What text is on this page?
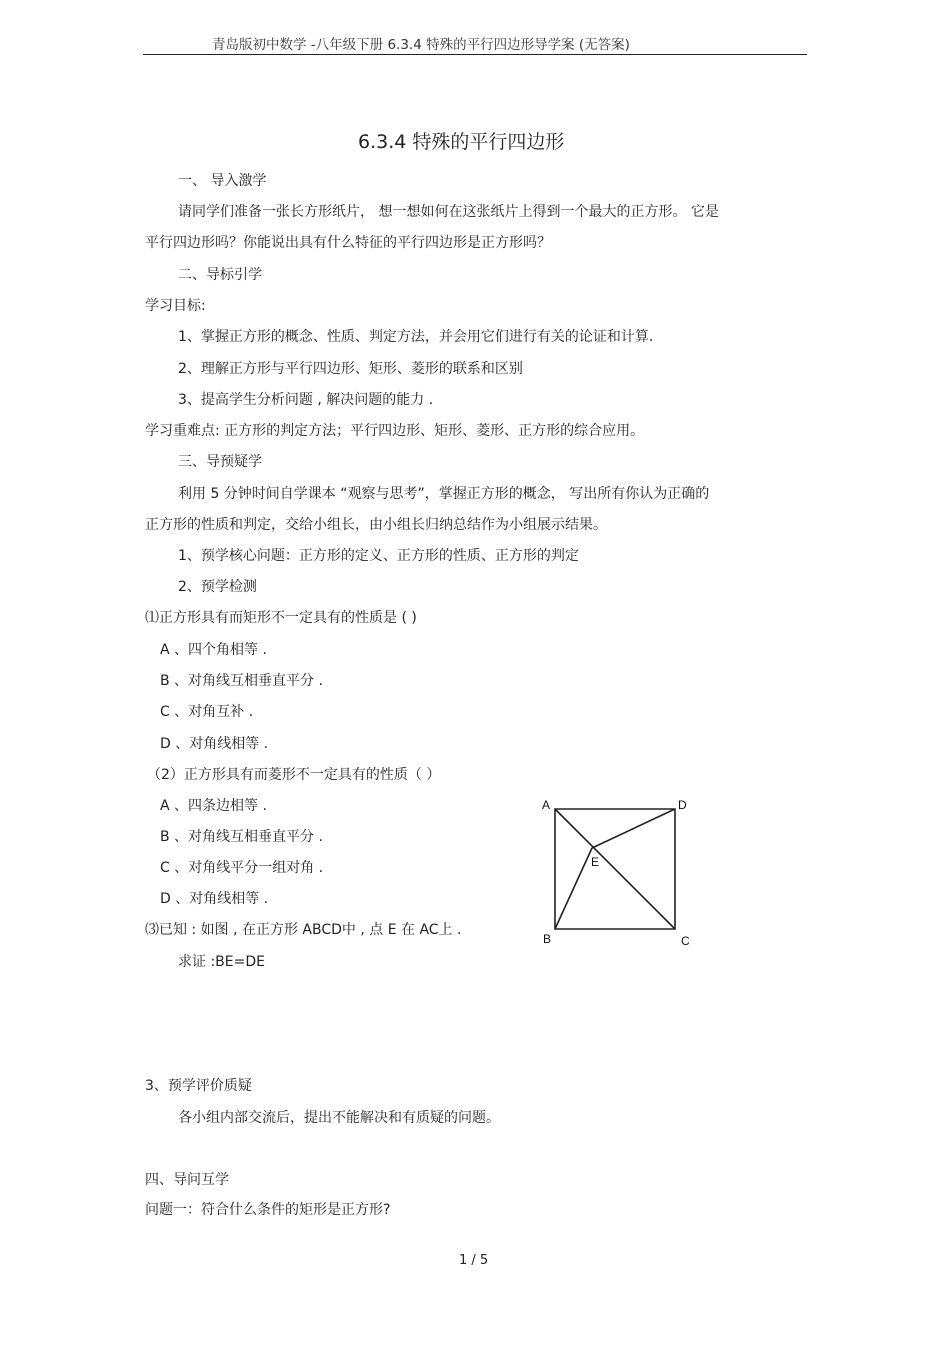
青岛版初中数学 -八年级下册 6.3.4 特殊的平行四边形导学案 (无答案)
6.3.4 特殊的平行四边形
一、 导入激学
请同学们准备一张长方形纸片， 想一想如何在这张纸片上得到一个最大的正方形。 它是
平行四边形吗？你能说出具有什么特征的平行四边形是正方形吗？
二、导标引学
学习目标:
1、掌握正方形的概念、性质、判定方法，并会用它们进行有关的论证和计算.
2、理解正方形与平行四边形、矩形、菱形的联系和区别
3、提高学生分析问题 , 解决问题的能力 .
学习重难点: 正方形的判定方法；平行四边形、矩形、菱形、正方形的综合应用。
三、导预疑学
利用 5 分钟时间自学课本 “观察与思考”，掌握正方形的概念， 写出所有你认为正确的
正方形的性质和判定，交给小组长，由小组长归纳总结作为小组展示结果。
1、预学核心问题：正方形的定义、正方形的性质、正方形的判定
2、预学检测
⑴正方形具有而矩形不一定具有的性质是 ( )
A 、四个角相等 .
B 、对角线互相垂直平分 .
C 、对角互补 .
D 、对角线相等 .
（2）正方形具有而菱形不一定具有的性质（ ）
A 、四条边相等 .
B 、对角线互相垂直平分 .
C 、对角线平分一组对角 .
D 、对角线相等 .
⑶已知 : 如图 , 在正方形 ABCD中 , 点 E 在 AC上 .
求证 :BE=DE
A	D
E
B	C
3、预学评价质疑
各小组内部交流后，提出不能解决和有质疑的问题。
四、导问互学
问题一：符合什么条件的矩形是正方形?
1 / 5
